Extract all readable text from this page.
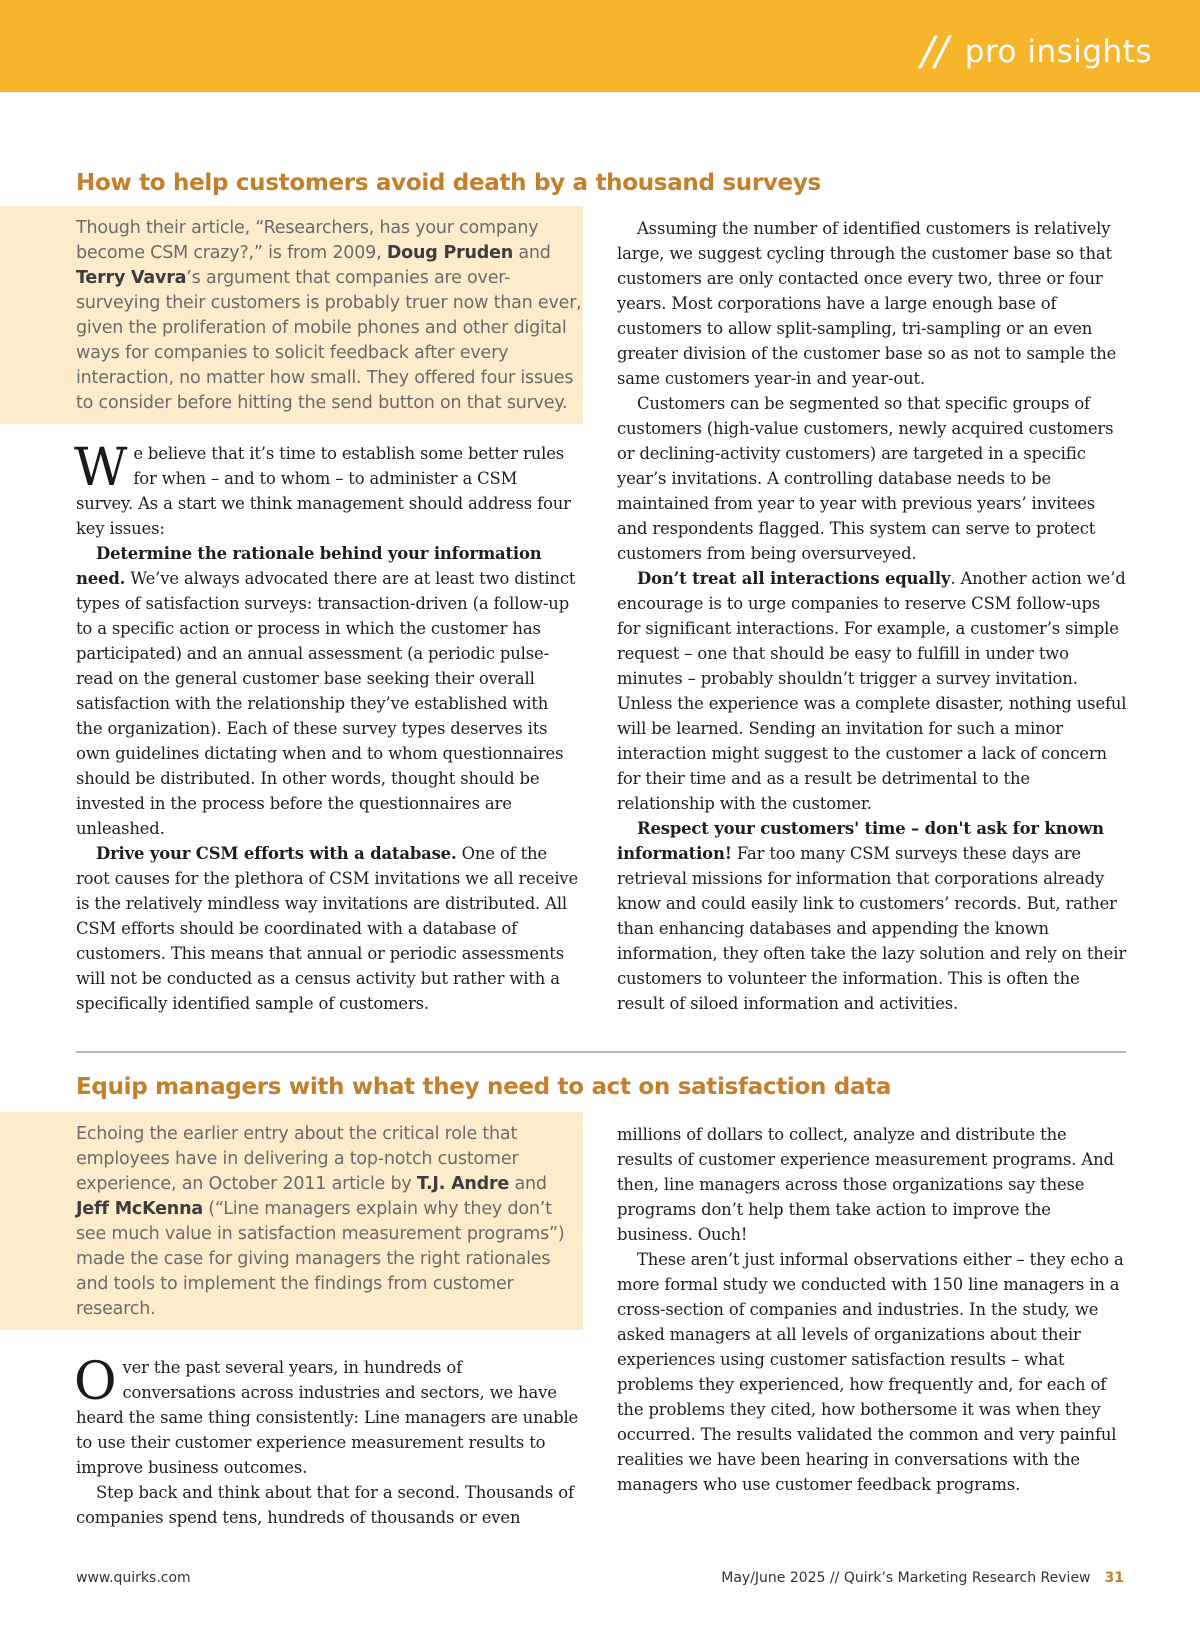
// pro insights
How to help customers avoid death by a thousand surveys

Though their article, “Researchers, has your company become CSM crazy?,” is from 2009, Doug Pruden and Terry Vavra’s argument that companies are over-surveying their customers is probably truer now than ever, given the proliferation of mobile phones and other digital ways for companies to solicit feedback after every interaction, no matter how small. They offered four issues to consider before hitting the send button on that survey.

We believe that it’s time to establish some better rules for when – and to whom – to administer a CSM survey. As a start we think management should address four key issues:

Determine the rationale behind your information need. We’ve always advocated there are at least two distinct types of satisfaction surveys: transaction-driven (a follow-up to a specific action or process in which the customer has participated) and an annual assessment (a periodic pulse-read on the general customer base seeking their overall satisfaction with the relationship they’ve established with the organization). Each of these survey types deserves its own guidelines dictating when and to whom questionnaires should be distributed. In other words, thought should be invested in the process before the questionnaires are unleashed.

Drive your CSM efforts with a database. One of the root causes for the plethora of CSM invitations we all receive is the relatively mindless way invitations are distributed. All CSM efforts should be coordinated with a database of customers. This means that annual or periodic assessments will not be conducted as a census activity but rather with a specifically identified sample of customers.

Assuming the number of identified customers is relatively large, we suggest cycling through the customer base so that customers are only contacted once every two, three or four years. Most corporations have a large enough base of customers to allow split-sampling, tri-sampling or an even greater division of the customer base so as not to sample the same customers year-in and year-out.

Customers can be segmented so that specific groups of customers (high-value customers, newly acquired customers or declining-activity customers) are targeted in a specific year’s invitations. A controlling database needs to be maintained from year to year with previous years’ invitees and respondents flagged. This system can serve to protect customers from being oversurveyed.

Don’t treat all interactions equally. Another action we’d encourage is to urge companies to reserve CSM follow-ups for significant interactions. For example, a customer’s simple request – one that should be easy to fulfill in under two minutes – probably shouldn’t trigger a survey invitation. Unless the experience was a complete disaster, nothing useful will be learned. Sending an invitation for such a minor interaction might suggest to the customer a lack of concern for their time and as a result be detrimental to the relationship with the customer.

Respect your customers' time – don't ask for known information! Far too many CSM surveys these days are retrieval missions for information that corporations already know and could easily link to customers’ records. But, rather than enhancing databases and appending the known information, they often take the lazy solution and rely on their customers to volunteer the information. This is often the result of siloed information and activities.

Equip managers with what they need to act on satisfaction data

Echoing the earlier entry about the critical role that employees have in delivering a top-notch customer experience, an October 2011 article by T.J. Andre and Jeff McKenna (“Line managers explain why they don’t see much value in satisfaction measurement programs”) made the case for giving managers the right rationales and tools to implement the findings from customer research.

Over the past several years, in hundreds of conversations across industries and sectors, we have heard the same thing consistently: Line managers are unable to use their customer experience measurement results to improve business outcomes.

Step back and think about that for a second. Thousands of companies spend tens, hundreds of thousands or even

millions of dollars to collect, analyze and distribute the results of customer experience measurement programs. And then, line managers across those organizations say these programs don’t help them take action to improve the business. Ouch!

These aren’t just informal observations either – they echo a more formal study we conducted with 150 line managers in a cross-section of companies and industries. In the study, we asked managers at all levels of organizations about their experiences using customer satisfaction results – what problems they experienced, how frequently and, for each of the problems they cited, how bothersome it was when they occurred. The results validated the common and very painful realities we have been hearing in conversations with the managers who use customer feedback programs.

www.quirks.com	May/June 2025 // Quirk’s Marketing Research Review 31
